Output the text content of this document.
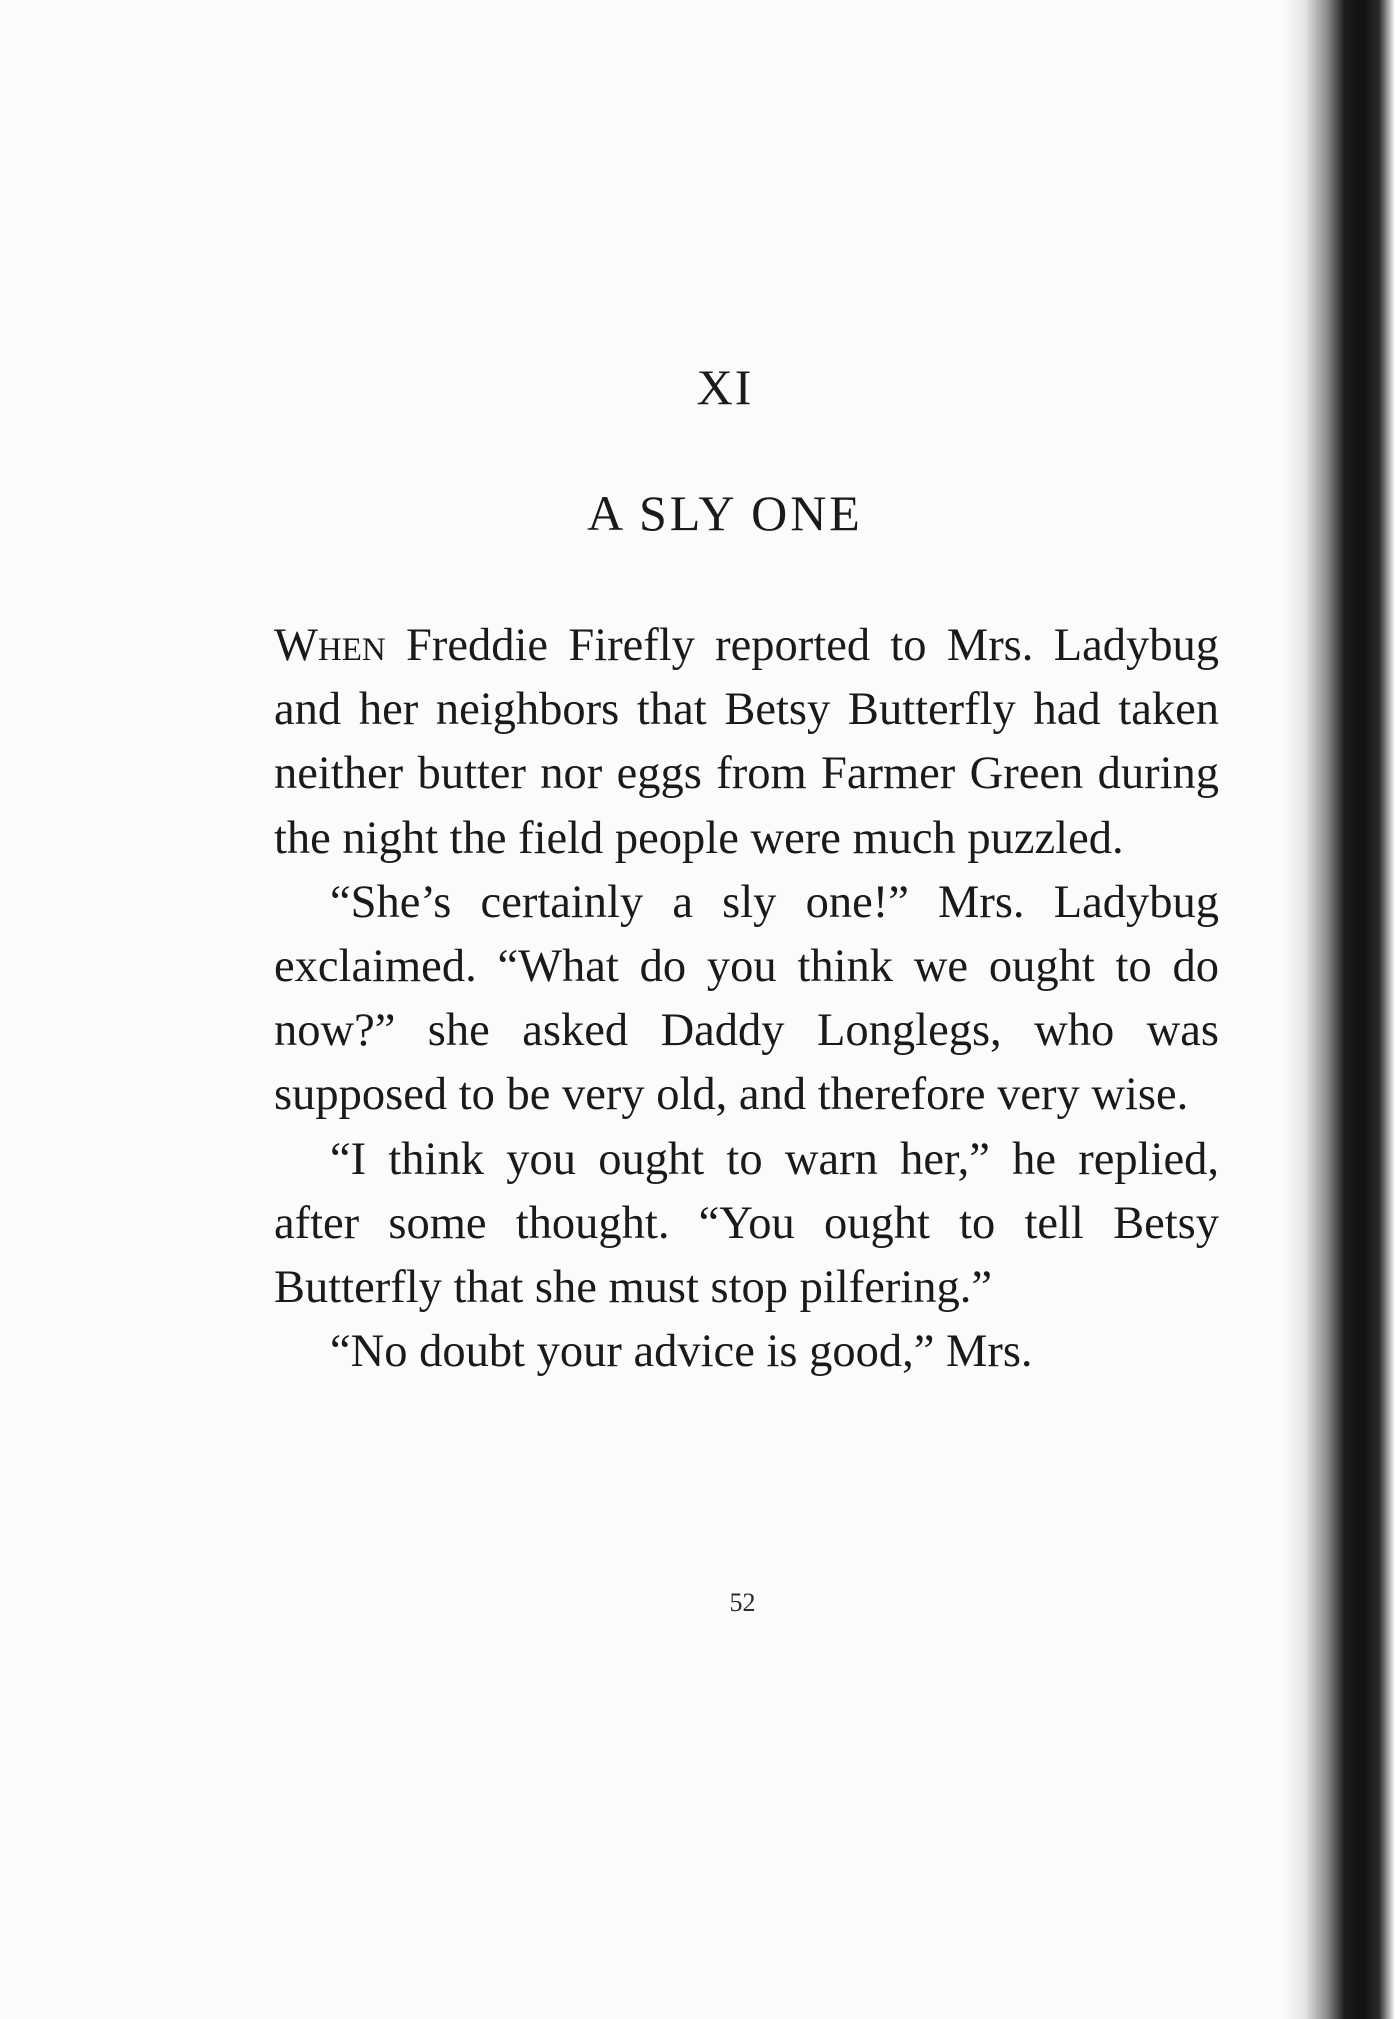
XI
A SLY ONE

When Freddie Firefly reported to Mrs. Ladybug and her neighbors that Betsy Butterfly had taken neither butter nor eggs from Farmer Green during the night the field people were much puzzled.

“She’s certainly a sly one!” Mrs. Ladybug exclaimed. “What do you think we ought to do now?” she asked Daddy Longlegs, who was supposed to be very old, and therefore very wise.

“I think you ought to warn her,” he replied, after some thought. “You ought to tell Betsy Butterfly that she must stop pilfering.”

“No doubt your advice is good,” Mrs.

52
